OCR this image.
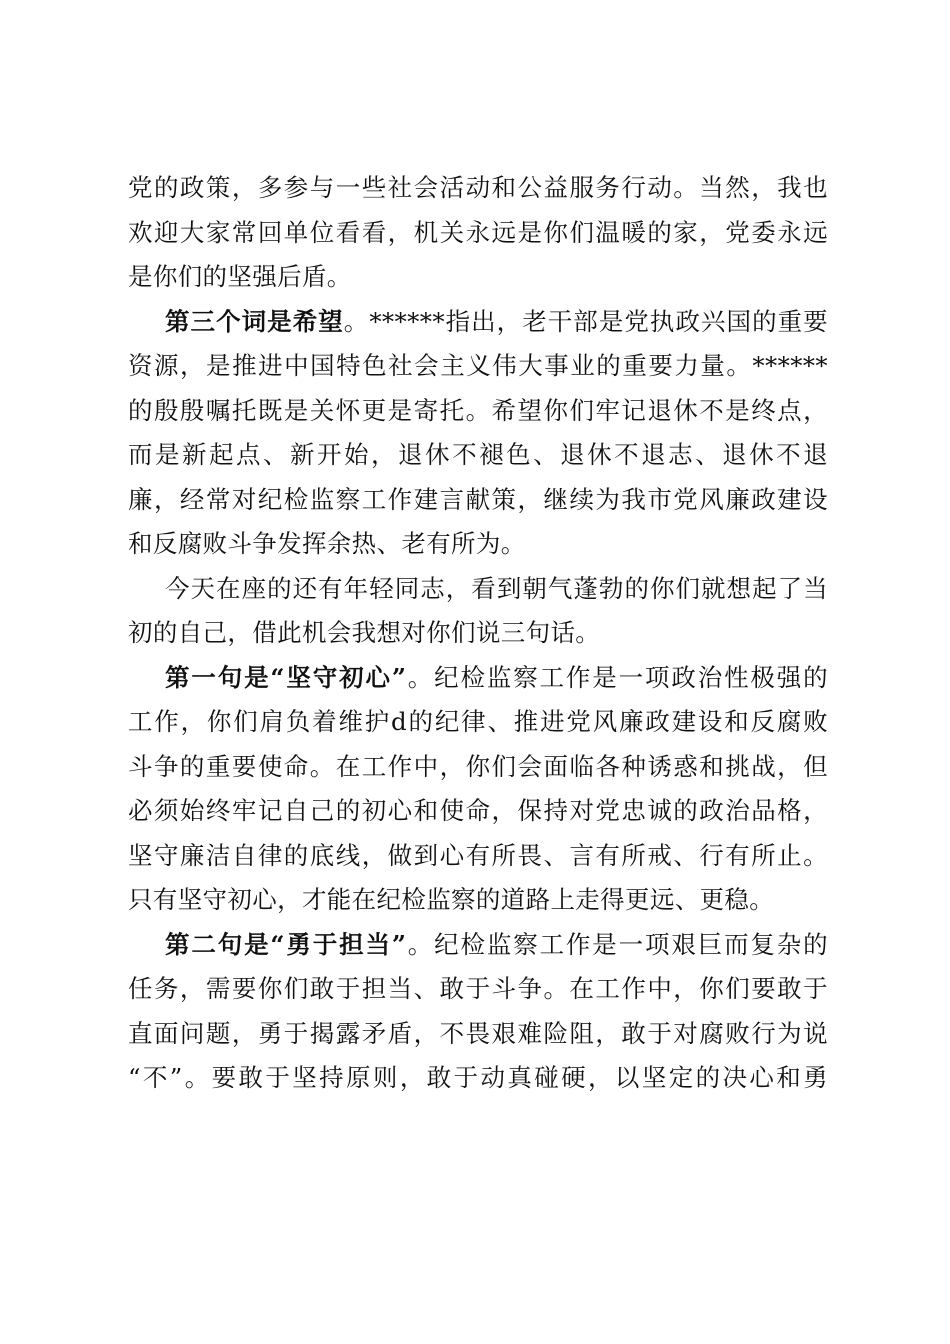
党的政策，多参与一些社会活动和公益服务行动。当然，我也
欢迎大家常回单位看看，机关永远是你们温暖的家，党委永远
是你们的坚强后盾。
第三个词是希望。******指出，老干部是党执政兴国的重要
资源，是推进中国特色社会主义伟大事业的重要力量。******
的殷殷嘱托既是关怀更是寄托。希望你们牢记退休不是终点，
而是新起点、新开始，退休不褪色、退休不退志、退休不退
廉，经常对纪检监察工作建言献策，继续为我市党风廉政建设
和反腐败斗争发挥余热、老有所为。
今天在座的还有年轻同志，看到朝气蓬勃的你们就想起了当
初的自己，借此机会我想对你们说三句话。
第一句是“坚守初心”。纪检监察工作是一项政治性极强的
工作，你们肩负着维护d的纪律、推进党风廉政建设和反腐败
斗争的重要使命。在工作中，你们会面临各种诱惑和挑战，但
必须始终牢记自己的初心和使命，保持对党忠诚的政治品格，
坚守廉洁自律的底线，做到心有所畏、言有所戒、行有所止。
只有坚守初心，才能在纪检监察的道路上走得更远、更稳。
第二句是“勇于担当”。纪检监察工作是一项艰巨而复杂的
任务，需要你们敢于担当、敢于斗争。在工作中，你们要敢于
直面问题，勇于揭露矛盾，不畏艰难险阻，敢于对腐败行为说
“不”。要敢于坚持原则，敢于动真碰硬，以坚定的决心和勇
